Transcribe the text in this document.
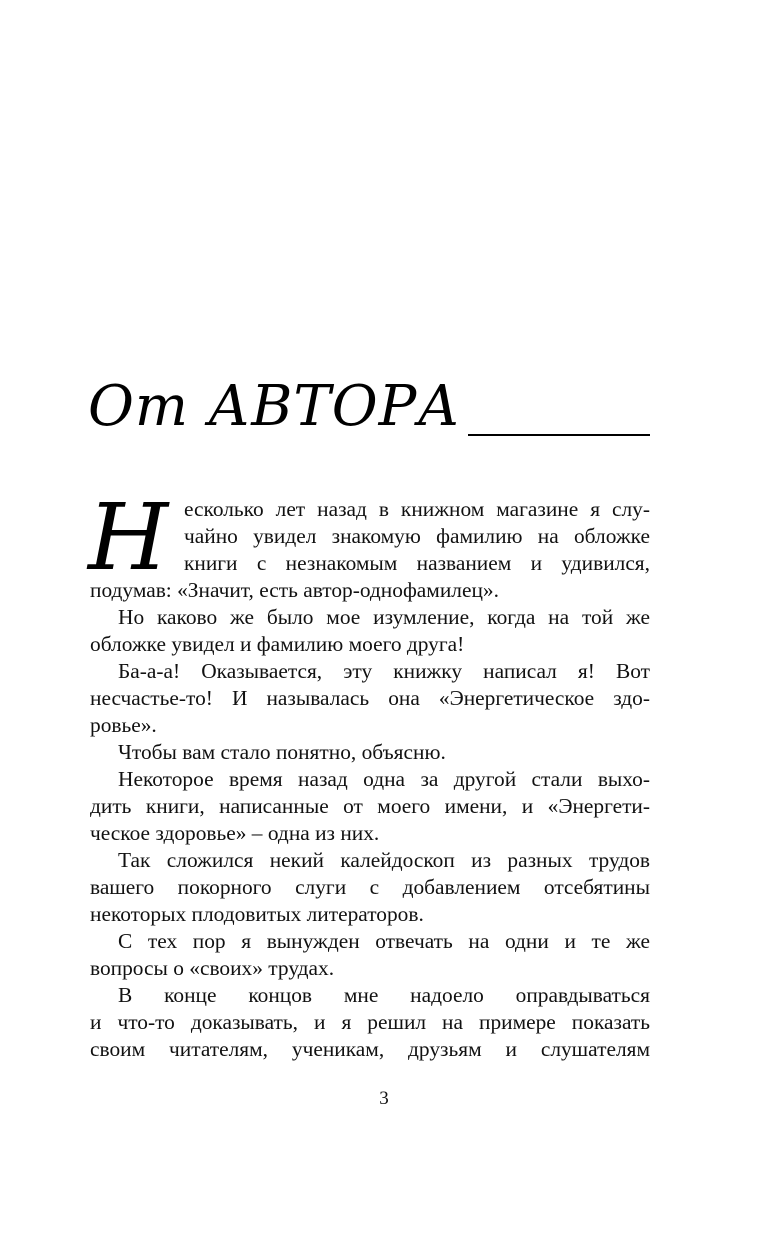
От АВТОРА
Н есколько лет назад в книжном магазине я слу-
чайно увидел знакомую фамилию на обложке
книги с незнакомым названием и удивился,
подумав: «Значит, есть автор-однофамилец».
Но каково же было мое изумление, когда на той же
обложке увидел и фамилию моего друга!
Ба-а-а! Оказывается, эту книжку написал я! Вот
несчастье-то! И называлась она «Энергетическое здо-
ровье».
Чтобы вам стало понятно, объясню.
Некоторое время назад одна за другой стали выхо-
дить книги, написанные от моего имени, и «Энергети-
ческое здоровье» – одна из них.
Так сложился некий калейдоскоп из разных трудов
вашего покорного слуги с добавлением отсебятины
некоторых плодовитых литераторов.
С тех пор я вынужден отвечать на одни и те же
вопросы о «своих» трудах.
В конце концов мне надоело оправдываться
и что-то доказывать, и я решил на примере показать
своим читателям, ученикам, друзьям и слушателям
3
